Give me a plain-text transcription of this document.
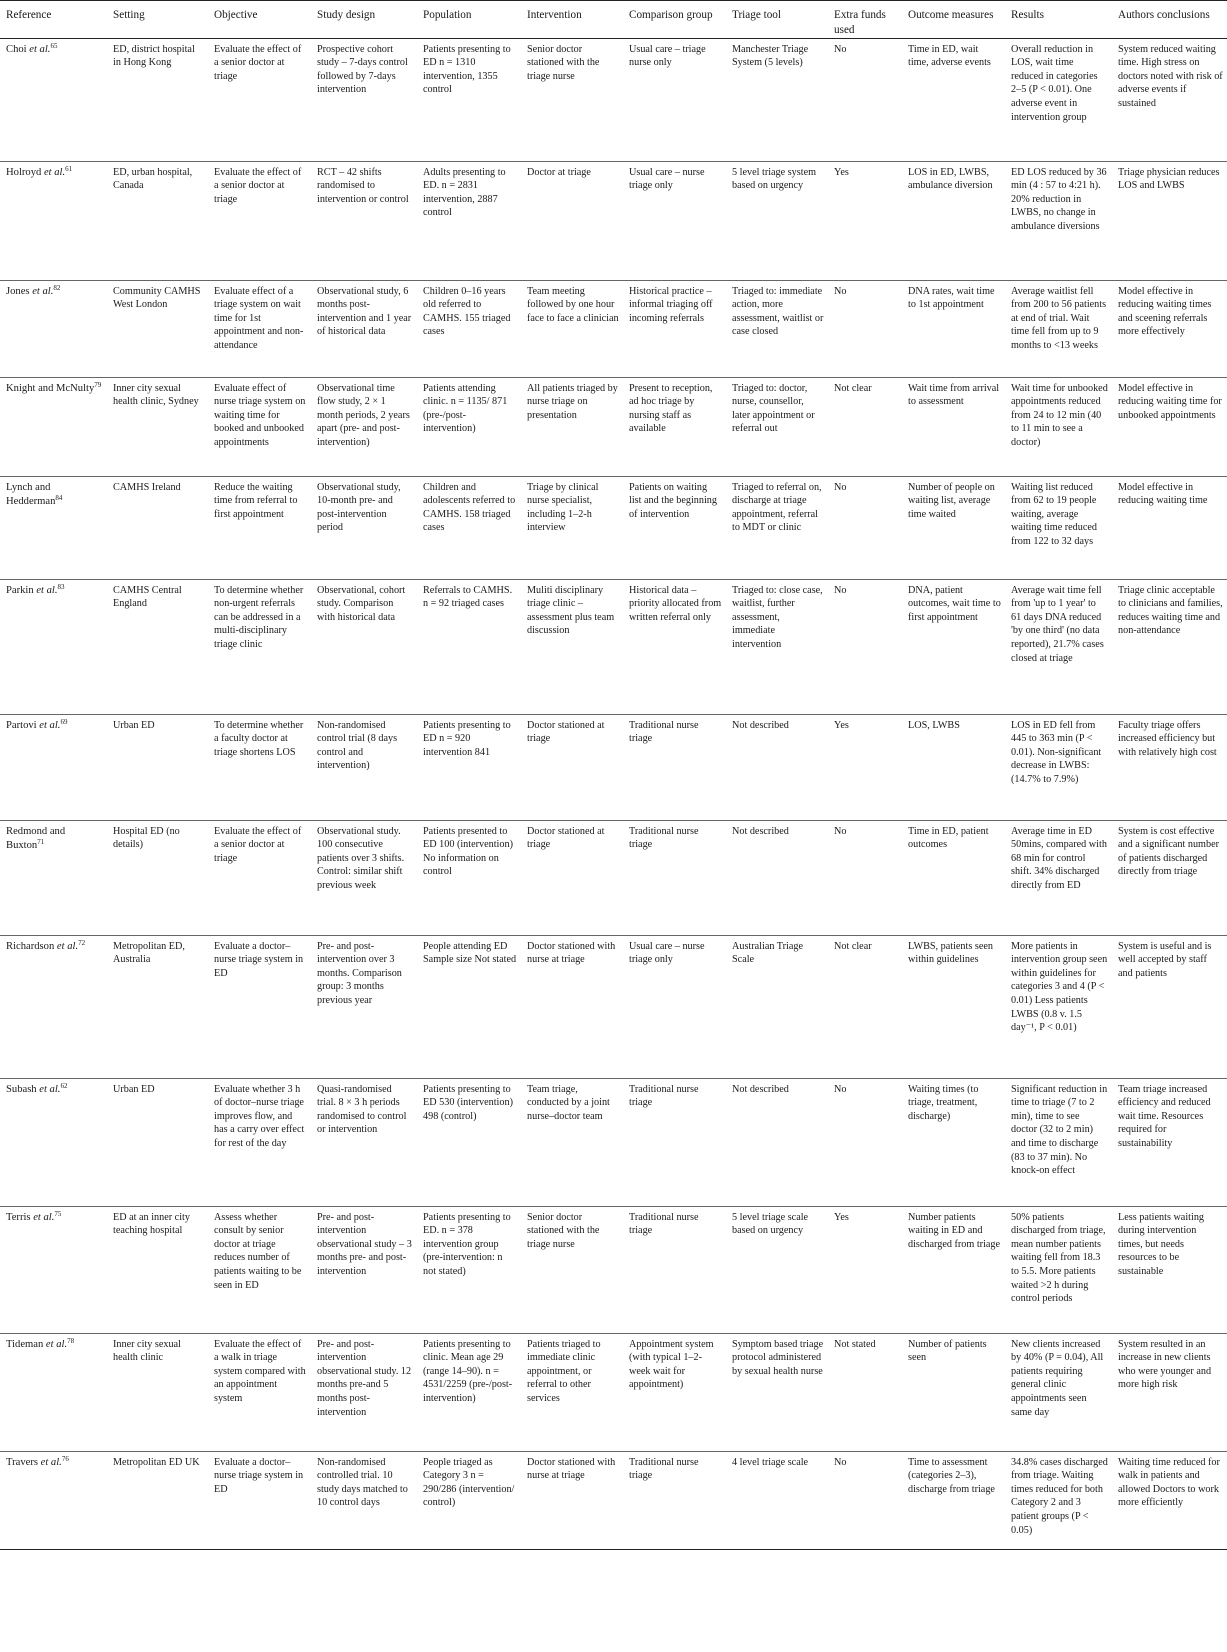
Reference	Setting	Objective	Study design	Population	Intervention	Comparison group	Triage tool	Extra funds used	Outcome measures	Results	Authors conclusions
Choi et al.$^{65}$	ED, district hospital in Hong Kong	Evaluate the effect of a senior doctor at triage	Prospective cohort study – 7-days control followed by 7-days intervention	Patients presenting to ED n = 1310 intervention, 1355 control	Senior doctor stationed with the triage nurse	Usual care – triage nurse only	Manchester Triage System (5 levels)	No	Time in ED, wait time, adverse events	Overall reduction in LOS, wait time reduced in categories 2–5 (P < 0.01). One adverse event in intervention group	System reduced waiting time. High stress on doctors noted with risk of adverse events if sustained
Holroyd et al.$^{61}$	ED, urban hospital, Canada	Evaluate the effect of a senior doctor at triage	RCT – 42 shifts randomised to intervention or control	Adults presenting to ED. n = 2831 intervention, 2887 control	Doctor at triage	Usual care – nurse triage only	5 level triage system based on urgency	Yes	LOS in ED, LWBS, ambulance diversion	ED LOS reduced by 36 min (4 : 57 to 4:21 h). 20% reduction in LWBS, no change in ambulance diversions	Triage physician reduces LOS and LWBS
Jones et al.$^{82}$	Community CAMHS West London	Evaluate effect of a triage system on wait time for 1st appointment and non-attendance	Observational study, 6 months post-intervention and 1 year of historical data	Children 0–16 years old referred to CAMHS. 155 triaged cases	Team meeting followed by one hour face to face a clinician	Historical practice – informal triaging off incoming referrals	Triaged to: immediate action, more assessment, waitlist or case closed	No	DNA rates, wait time to 1st appointment	Average waitlist fell from 200 to 56 patients at end of trial. Wait time fell from up to 9 months to <13 weeks	Model effective in reducing waiting times and sceening referrals more effectively
Knight and McNulty$^{79}$	Inner city sexual health clinic, Sydney	Evaluate effect of nurse triage system on waiting time for booked and unbooked appointments	Observational time flow study, 2 × 1 month periods, 2 years apart (pre- and post-intervention)	Patients attending clinic. n = 1135/ 871 (pre-/post-intervention)	All patients triaged by nurse triage on presentation	Present to reception, ad hoc triage by nursing staff as available	Triaged to: doctor, nurse, counsellor, later appointment or referral out	Not clear	Wait time from arrival to assessment	Wait time for unbooked appointments reduced from 24 to 12 min (40 to 11 min to see a doctor)	Model effective in reducing waiting time for unbooked appointments
Lynch and Hedderman$^{84}$	CAMHS Ireland	Reduce the waiting time from referral to first appointment	Observational study, 10-month pre- and post-intervention period	Children and adolescents referred to CAMHS. 158 triaged cases	Triage by clinical nurse specialist, including 1–2-h interview	Patients on waiting list and the beginning of intervention	Triaged to referral on, discharge at triage appointment, referral to MDT or clinic	No	Number of people on waiting list, average time waited	Waiting list reduced from 62 to 19 people waiting, average waiting time reduced from 122 to 32 days	Model effective in reducing waiting time
Parkin et al.$^{83}$	CAMHS Central England	To determine whether non-urgent referrals can be addressed in a multi-disciplinary triage clinic	Observational, cohort study. Comparison with historical data	Referrals to CAMHS. n = 92 triaged cases	Muliti disciplinary triage clinic – assessment plus team discussion	Historical data – priority allocated from written referral only	Triaged to: close case, waitlist, further assessment, immediate intervention	No	DNA, patient outcomes, wait time to first appointment	Average wait time fell from 'up to 1 year' to 61 days DNA reduced 'by one third' (no data reported), 21.7% cases closed at triage	Triage clinic acceptable to clinicians and families, reduces waiting time and non-attendance
Partovi et al.$^{69}$	Urban ED	To determine whether a faculty doctor at triage shortens LOS	Non-randomised control trial (8 days control and intervention)	Patients presenting to ED n = 920 intervention 841	Doctor stationed at triage	Traditional nurse triage	Not described	Yes	LOS, LWBS	LOS in ED fell from 445 to 363 min (P < 0.01). Non-significant decrease in LWBS: (14.7% to 7.9%)	Faculty triage offers increased efficiency but with relatively high cost
Redmond and Buxton$^{71}$	Hospital ED (no details)	Evaluate the effect of a senior doctor at triage	Observational study. 100 consecutive patients over 3 shifts. Control: similar shift previous week	Patients presented to ED 100 (intervention) No information on control	Doctor stationed at triage	Traditional nurse triage	Not described	No	Time in ED, patient outcomes	Average time in ED 50mins, compared with 68 min for control shift. 34% discharged directly from ED	System is cost effective and a significant number of patients discharged directly from triage
Richardson et al.$^{72}$	Metropolitan ED, Australia	Evaluate a doctor–nurse triage system in ED	Pre- and post-intervention over 3 months. Comparison group: 3 months previous year	People attending ED Sample size Not stated	Doctor stationed with nurse at triage	Usual care – nurse triage only	Australian Triage Scale	Not clear	LWBS, patients seen within guidelines	More patients in intervention group seen within guidelines for categories 3 and 4 (P < 0.01) Less patients LWBS (0.8 v. 1.5 day⁻¹, P < 0.01)	System is useful and is well accepted by staff and patients
Subash et al.$^{62}$	Urban ED	Evaluate whether 3 h of doctor–nurse triage improves flow, and has a carry over effect for rest of the day	Quasi-randomised trial. 8 × 3 h periods randomised to control or intervention	Patients presenting to ED 530 (intervention) 498 (control)	Team triage, conducted by a joint nurse–doctor team	Traditional nurse triage	Not described	No	Waiting times (to triage, treatment, discharge)	Significant reduction in time to triage (7 to 2 min), time to see doctor (32 to 2 min) and time to discharge (83 to 37 min). No knock-on effect	Team triage increased efficiency and reduced wait time. Resources required for sustainability
Terris et al.$^{75}$	ED at an inner city teaching hospital	Assess whether consult by senior doctor at triage reduces number of patients waiting to be seen in ED	Pre- and post-intervention observational study – 3 months pre- and post-intervention	Patients presenting to ED. n = 378 intervention group (pre-intervention: n not stated)	Senior doctor stationed with the triage nurse	Traditional nurse triage	5 level triage scale based on urgency	Yes	Number patients waiting in ED and discharged from triage	50% patients discharged from triage, mean number patients waiting fell from 18.3 to 5.5. More patients waited >2 h during control periods	Less patients waiting during intervention times, but needs resources to be sustainable
Tideman et al.$^{78}$	Inner city sexual health clinic	Evaluate the effect of a walk in triage system compared with an appointment system	Pre- and post-intervention observational study. 12 months pre-and 5 months post-intervention	Patients presenting to clinic. Mean age 29 (range 14–90). n = 4531/2259 (pre-/post-intervention)	Patients triaged to immediate clinic appointment, or referral to other services	Appointment system (with typical 1–2-week wait for appointment)	Symptom based triage protocol administered by sexual health nurse	Not stated	Number of patients seen	New clients increased by 40% (P = 0.04), All patients requiring general clinic appointments seen same day	System resulted in an increase in new clients who were younger and more high risk
Travers et al.$^{76}$	Metropolitan ED UK	Evaluate a doctor–nurse triage system in ED	Non-randomised controlled trial. 10 study days matched to 10 control days	People triaged as Category 3 n = 290/286 (intervention/ control)	Doctor stationed with nurse at triage	Traditional nurse triage	4 level triage scale	No	Time to assessment (categories 2–3), discharge from triage	34.8% cases discharged from triage. Waiting times reduced for both Category 2 and 3 patient groups (P < 0.05)	Waiting time reduced for walk in patients and allowed Doctors to work more efficiently
